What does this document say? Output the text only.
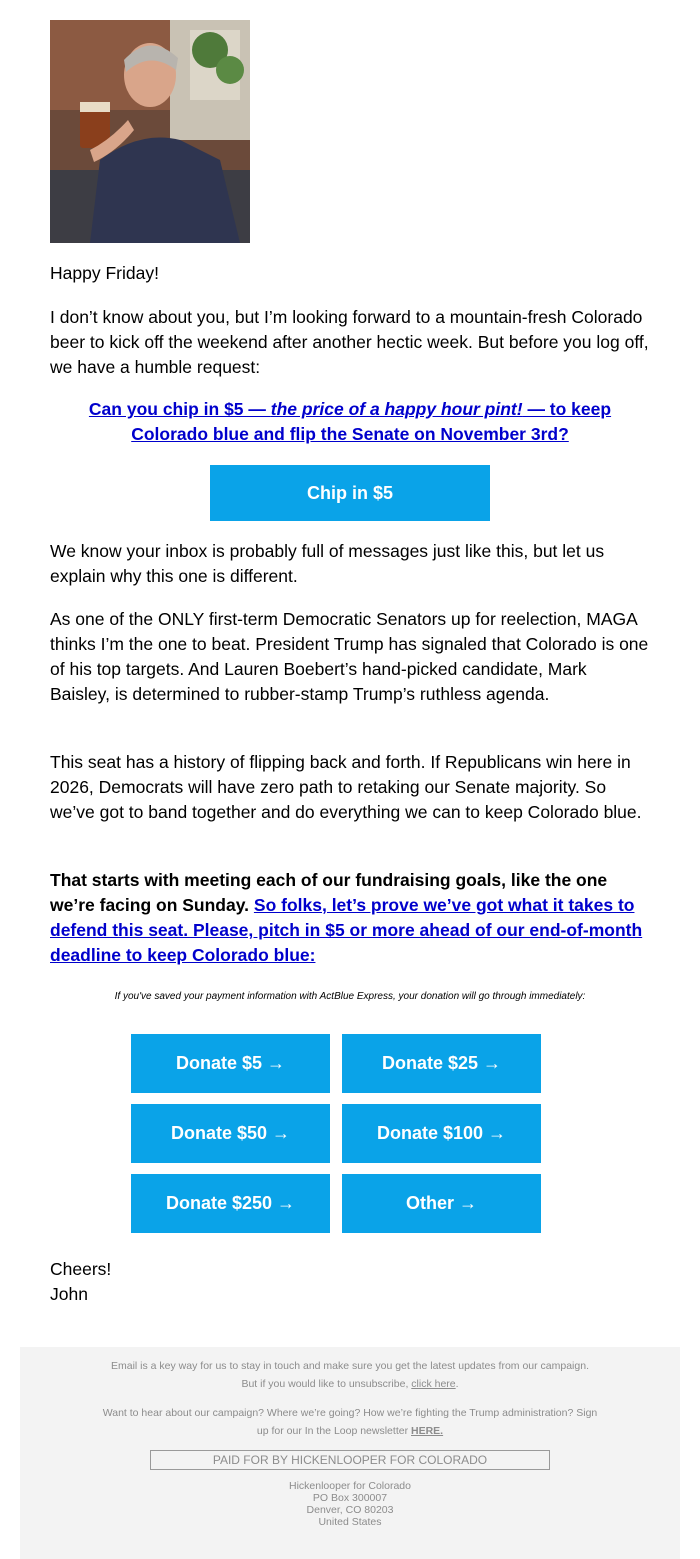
Happy Friday!

I don’t know about you, but I’m looking forward to a mountain-fresh Colorado beer to kick off the weekend after another hectic week. But before you log off, we have a humble request:

Can you chip in $5 — the price of a happy hour pint! — to keep Colorado blue and flip the Senate on November 3rd?
Chip in $5

We know your inbox is probably full of messages just like this, but let us explain why this one is different.

As one of the ONLY first-term Democratic Senators up for reelection, MAGA thinks I’m the one to beat. President Trump has signaled that Colorado is one of his top targets. And Lauren Boebert’s hand-picked candidate, Mark Baisley, is determined to rubber-stamp Trump’s ruthless agenda.

This seat has a history of flipping back and forth. If Republicans win here in 2026, Democrats will have zero path to retaking our Senate majority. So we’ve got to band together and do everything we can to keep Colorado blue.

That starts with meeting each of our fundraising goals, like the one we’re facing on Sunday. So folks, let’s prove we’ve got what it takes to defend this seat. Please, pitch in $5 or more ahead of our end-of-month deadline to keep Colorado blue:

If you've saved your payment information with ActBlue Express, your donation will go through immediately:
Donate $5 →	Donate $25 →
Donate $50 →	Donate $100 →
Donate $250 →	Other →

Cheers!

John

Email is a key way for us to stay in touch and make sure you get the latest updates from our campaign.

But if you would like to unsubscribe, click here.

Want to hear about our campaign? Where we’re going? How we’re fighting the Trump administration? Sign

up for our In the Loop newsletter HERE.

PAID FOR BY HICKENLOOPER FOR COLORADO
Hickenlooper for Colorado
PO Box 300007
Denver, CO 80203
United States
